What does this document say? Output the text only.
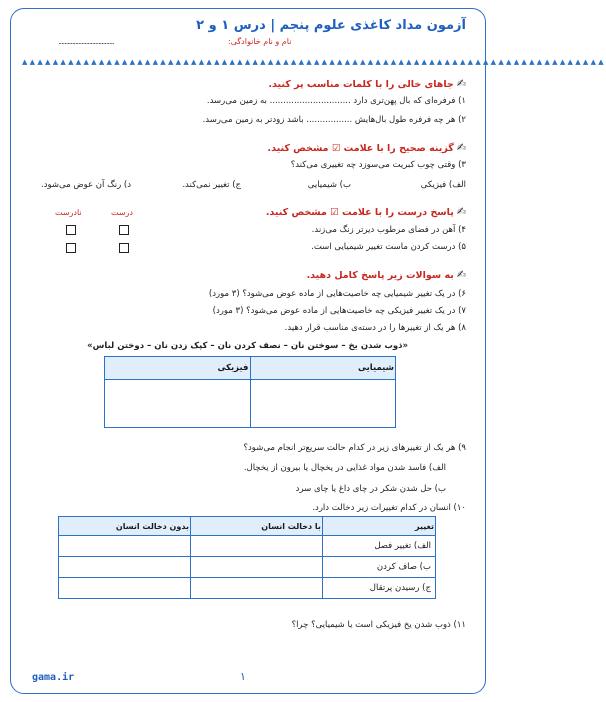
آزمون مداد کاغذی علوم پنجم | درس ۱ و ۲
نام و نام خانوادگی:
....................................
▲▲▲▲▲▲▲▲▲▲▲▲▲▲▲▲▲▲▲▲▲▲▲▲▲▲▲▲▲▲▲▲▲▲▲▲▲▲▲▲▲▲▲▲▲▲▲▲▲▲▲▲▲▲▲▲▲▲▲▲▲▲▲▲▲▲▲▲▲▲▲▲▲▲▲▲
✍جاهای خالی را با کلمات مناسب پر کنید.
۱) فرفره‌ای که بال پهن‌تری دارد .............................. به زمین می‌رسد.
۲) هر چه فرفره طول بال‌هایش ................. باشد زودتر به زمین می‌رسد.
✍گزینه صحیح را با علامت ☑ مشخص کنید.
۳) وقتی چوب کبریت می‌سوزد چه تغییری می‌کند؟
الف) فیزیکی
ب) شیمیایی
ج) تغییر نمی‌کند.
د) رنگ آن عوض می‌شود.
✍پاسخ درست را با علامت ☑ مشخص کنید.
درست
نادرست
۴) آهن در فضای مرطوب دیرتر زنگ می‌زند.
۵) درست کردن ماست تغییر شیمیایی است.
✍به سوالات زیر پاسخ کامل دهید.
۶) در یک تغییر شیمیایی چه خاصیت‌هایی از ماده عوض می‌شود؟ (۳ مورد)
۷) در یک تغییر فیزیکی چه خاصیت‌هایی از ماده عوض می‌شود؟ (۳ مورد)
۸) هر یک از تغییرها را در دسته‌ی مناسب قرار دهید.
«ذوب شدن یخ – سوختن نان – نصف کردن نان – کپک زدن نان – دوختن لباس»
شیمیایی	فیزیکی

۹) هر یک از تغییرهای زیر در کدام حالت سریع‌تر انجام می‌شود؟
الف) فاسد شدن مواد غذایی در یخچال یا بیرون از یخچال.
ب) حل شدن شکر در چای داغ یا چای سرد
۱۰) انسان در کدام تغییرات زیر دخالت دارد.
تغییر	با دخالت انسان	بدون دخالت انسان
الف) تغییر فصل		
ب) صاف کردن		
ج) رسیدن پرتقال		
۱۱) ذوب شدن یخ فیزیکی است یا شیمیایی؟ چرا؟
gama.ir	۱
